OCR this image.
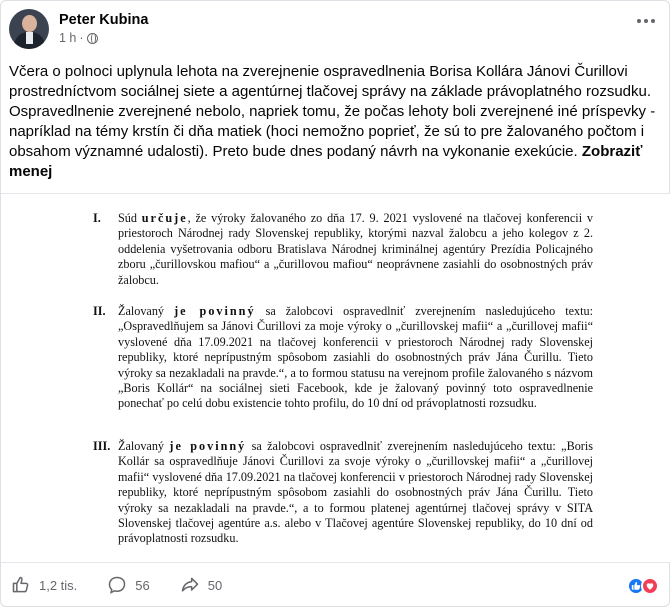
Peter Kubina
1 h ·
Včera o polnoci uplynula lehota na zverejnenie ospravedlnenia Borisa Kollára Jánovi Čurillovi prostredníctvom sociálnej siete a agentúrnej tlačovej správy na základe právoplatného rozsudku. Ospravedlnenie zverejnené nebolo, napriek tomu, že počas lehoty boli zverejnené iné príspevky - napríklad na témy krstín či dňa matiek (hoci nemožno poprieť, že sú to pre žalovaného počtom i obsahom významné udalosti). Preto bude dnes podaný návrh na vykonanie exekúcie. Zobraziť menej
I.	Súd určuje, že výroky žalovaného zo dňa 17. 9. 2021 vyslovené na tlačovej konferencii v priestoroch Národnej rady Slovenskej republiky, ktorými nazval žalobcu a jeho kolegov z 2. oddelenia vyšetrovania odboru Bratislava Národnej kriminálnej agentúry Prezídia Policajného zboru „čurillovskou mafiou“ a „čurillovou mafiou“ neoprávnene zasiahli do osobnostných práv žalobcu.
II.	Žalovaný je povinný sa žalobcovi ospravedlniť zverejnením nasledujúceho textu: „Ospravedlňujem sa Jánovi Čurillovi za moje výroky o „čurillovskej mafii“ a „čurillovej mafii“ vyslovené dňa 17.09.2021 na tlačovej konferencii v priestoroch Národnej rady Slovenskej republiky, ktoré neprípustným spôsobom zasiahli do osobnostných práv Jána Čurillu. Tieto výroky sa nezakladali na pravde.“, a to formou statusu na verejnom profile žalovaného s názvom „Boris Kollár“ na sociálnej sieti Facebook, kde je žalovaný povinný toto ospravedlnenie ponechať po celú dobu existencie tohto profilu, do 10 dní od právoplatnosti rozsudku.
III. Žalovaný je povinný sa žalobcovi ospravedlniť zverejnením nasledujúceho textu: „Boris Kollár sa ospravedlňuje Jánovi Čurillovi za svoje výroky o „čurillovskej mafii“ a „čurillovej mafii“ vyslovené dňa 17.09.2021 na tlačovej konferencii v priestoroch Národnej rady Slovenskej republiky, ktoré neprípustným spôsobom zasiahli do osobnostných práv Jána Čurillu. Tieto výroky sa nezakladali na pravde.“, a to formou platenej agentúrnej tlačovej správy v SITA Slovenskej tlačovej agentúre a.s. alebo v Tlačovej agentúre Slovenskej republiky, do 10 dní od právoplatnosti rozsudku.
1,2 tis.	56	50
